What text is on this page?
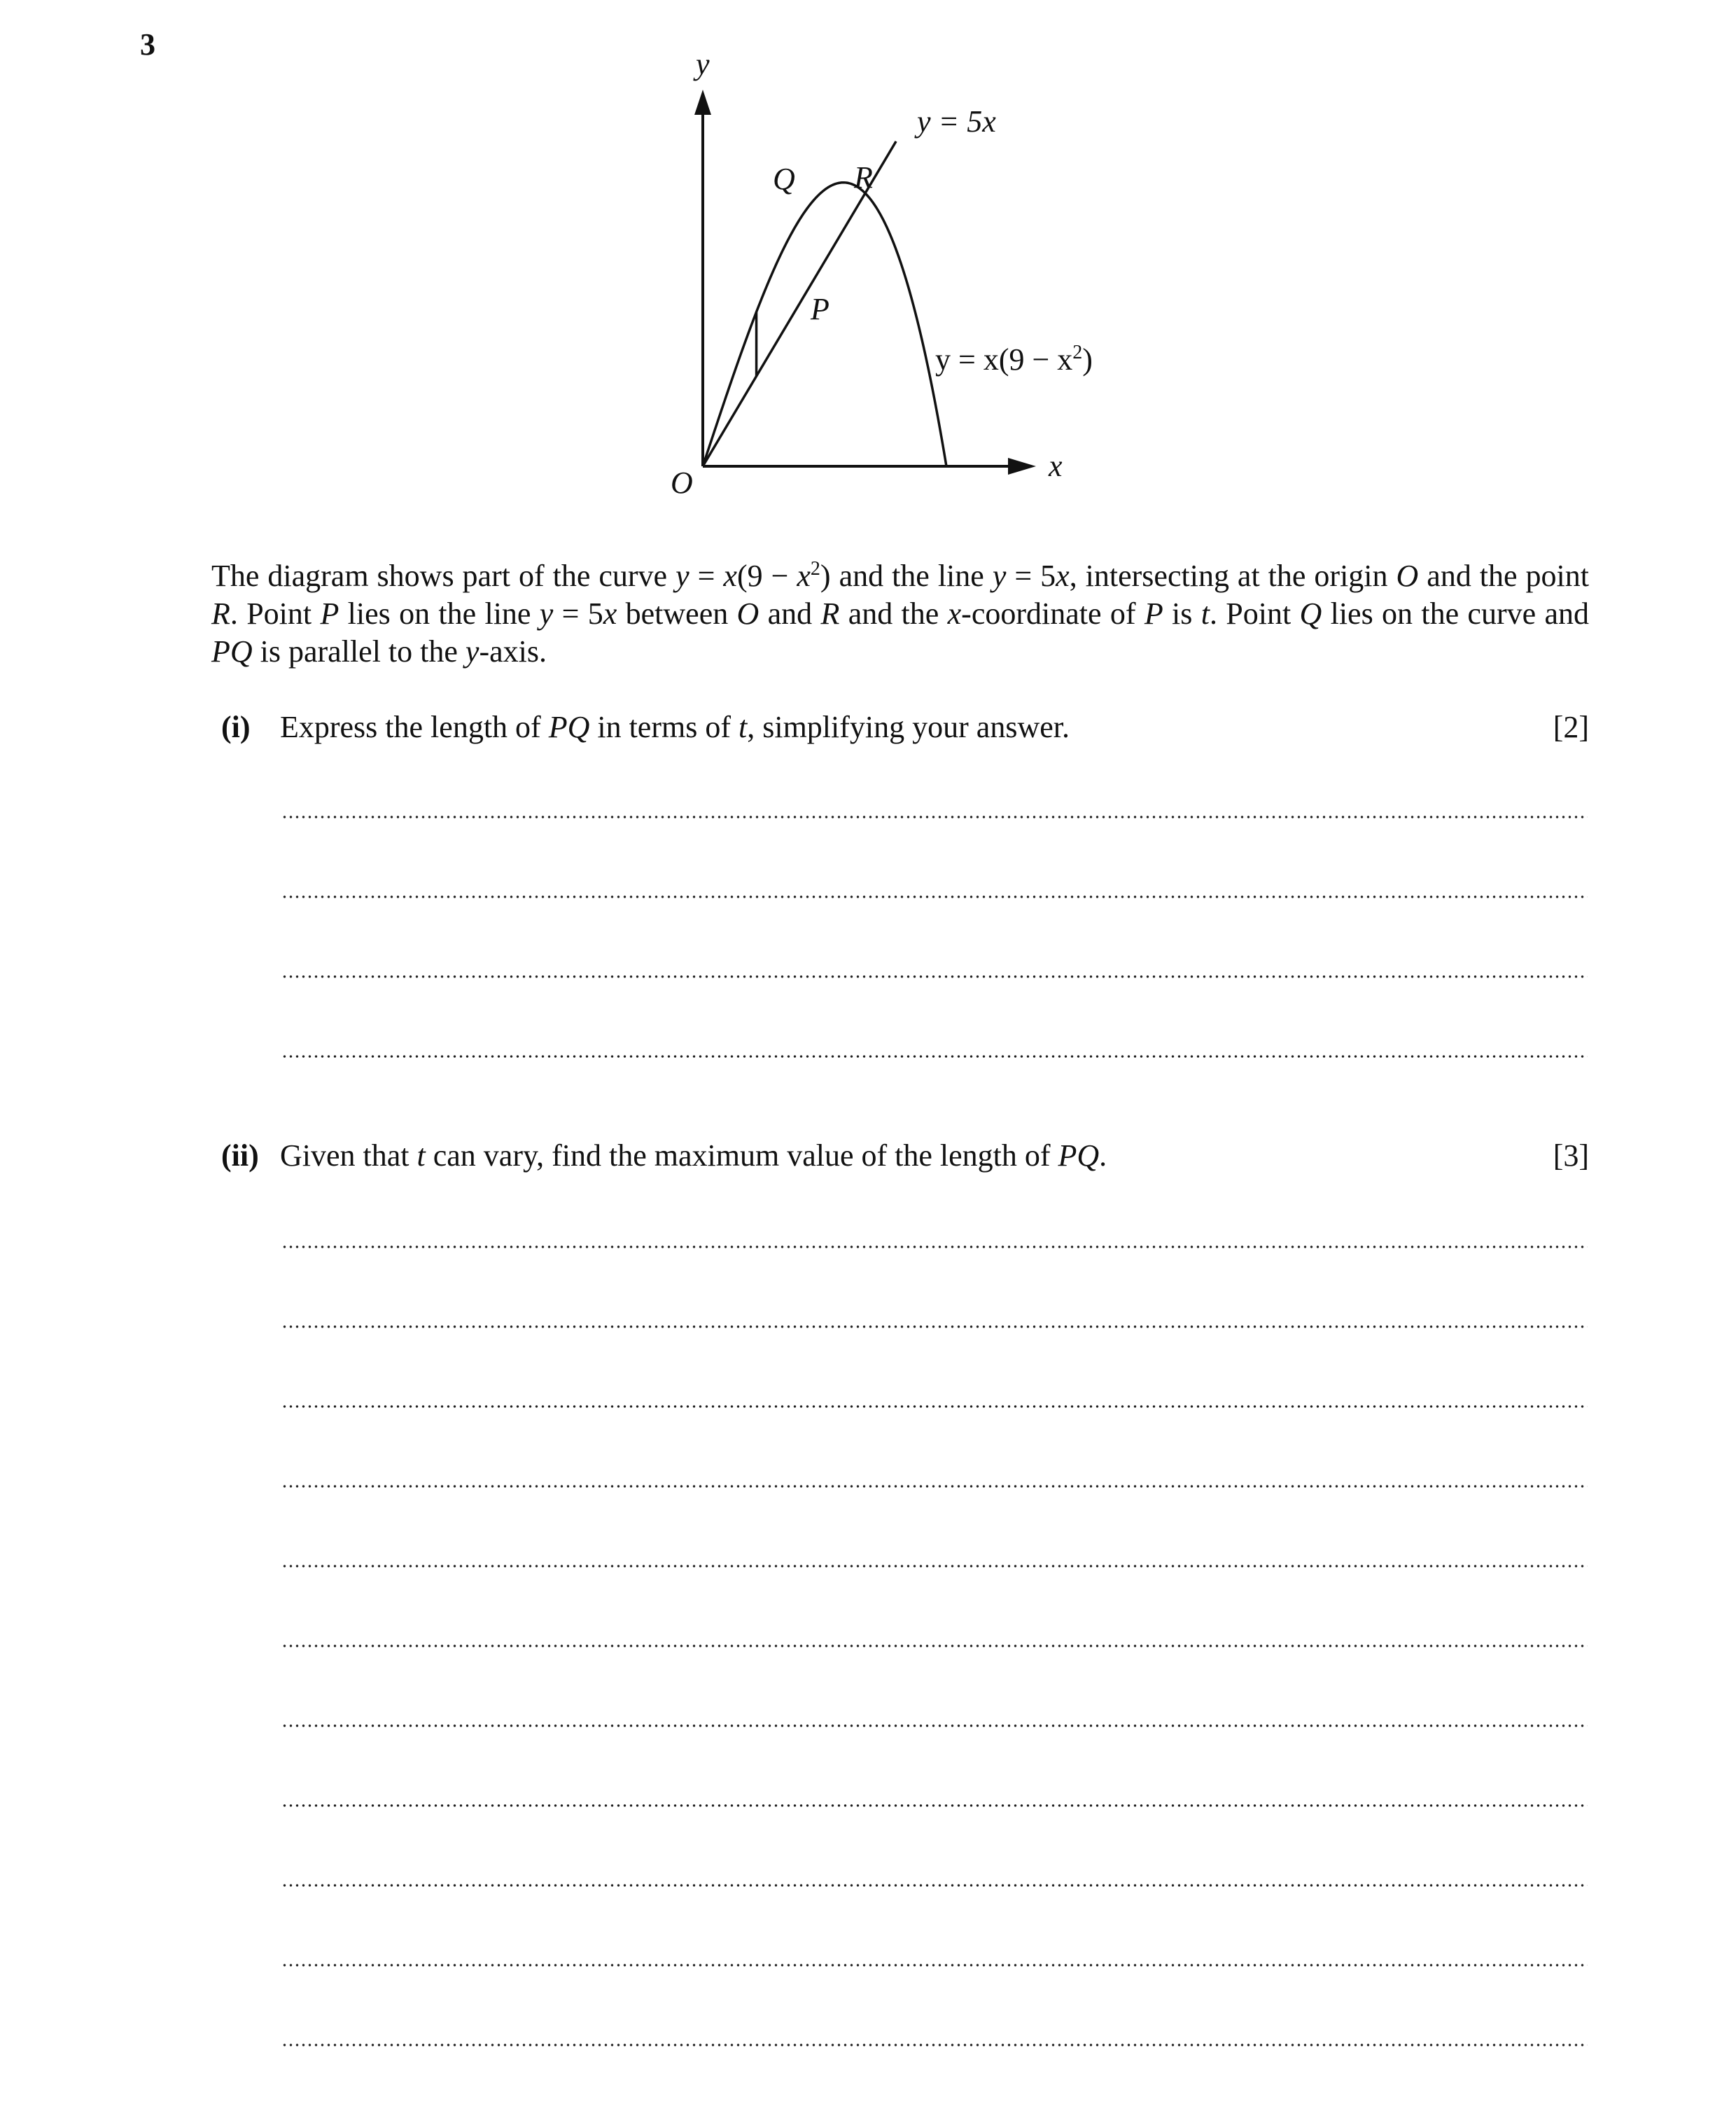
3
y
x
O
Q R
P
y = 5x
$y = x(9 - x^2)$
The diagram shows part of the curve $y = x(9 - x^2)$ and the line y = 5x, intersecting at the origin O and the point R. Point P lies on the line y = 5x between O and R and the x-coordinate of P is t. Point Q lies on the curve and PQ is parallel to the y-axis.
(i) Express the length of PQ in terms of t, simplifying your answer.	[2]
(ii) Given that t can vary, find the maximum value of the length of PQ.	[3]
